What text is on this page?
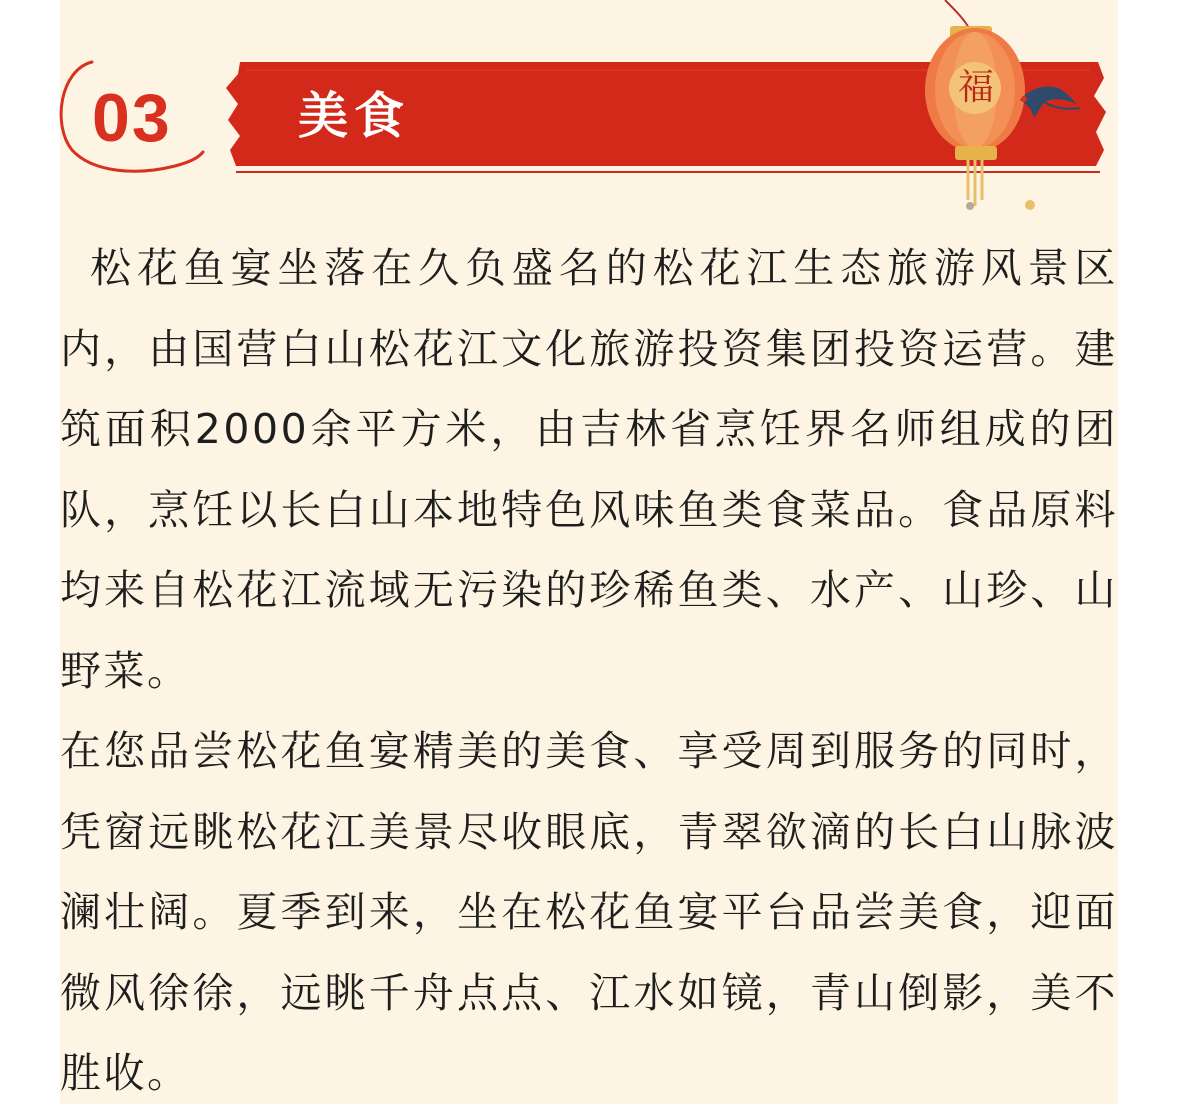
03	美食	福

松花鱼宴坐落在久负盛名的松花江生态旅游风景区内，由国营白山松花江文化旅游投资集团投资运营。建筑面积2000余平方米，由吉林省烹饪界名师组成的团队，烹饪以长白山本地特色风味鱼类食菜品。食品原料均来自松花江流域无污染的珍稀鱼类、水产、山珍、山野菜。

在您品尝松花鱼宴精美的美食、享受周到服务的同时，凭窗远眺松花江美景尽收眼底，青翠欲滴的长白山脉波澜壮阔。夏季到来，坐在松花鱼宴平台品尝美食，迎面微风徐徐，远眺千舟点点、江水如镜，青山倒影，美不胜收。
